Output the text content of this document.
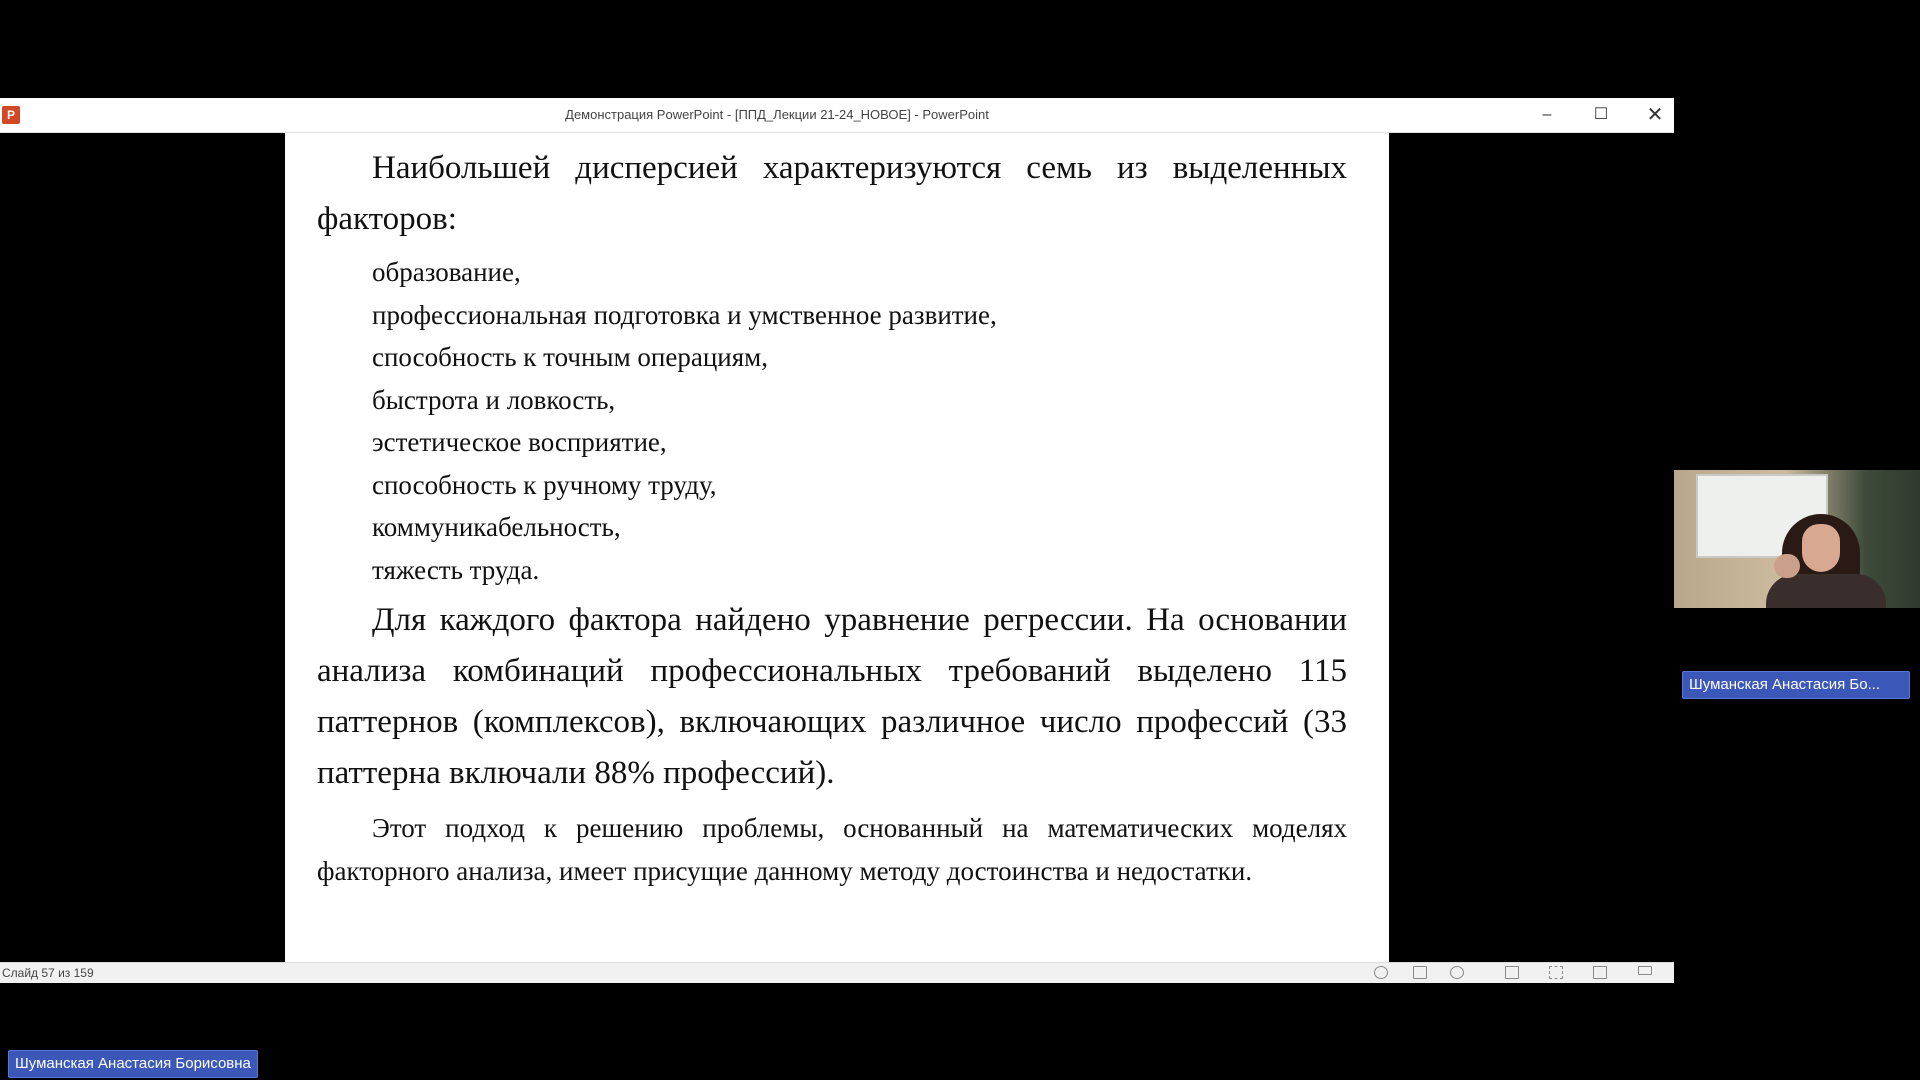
P	Демонстрация PowerPoint - [ППД_Лекции 21-24_НОВОЕ] - PowerPoint	–	☐	✕

Наибольшей дисперсией характеризуются семь из выделенных факторов:

образование,
профессиональная подготовка и умственное развитие,
способность к точным операциям,
быстрота и ловкость,
эстетическое восприятие,
способность к ручному труду,
коммуникабельность,
тяжесть труда.

Для каждого фактора найдено уравнение регрессии. На основании анализа комбинаций профессиональных требований выделено 115 паттернов (комплексов), включающих различное число профессий (33 паттерна включали 88% профессий).

Этот подход к решению проблемы, основанный на математических моделях факторного анализа, имеет присущие данному методу достоинства и недостатки.

Слайд 57 из 159
Шуманская Анастасия Бо...
Шуманская Анастасия Борисовна
